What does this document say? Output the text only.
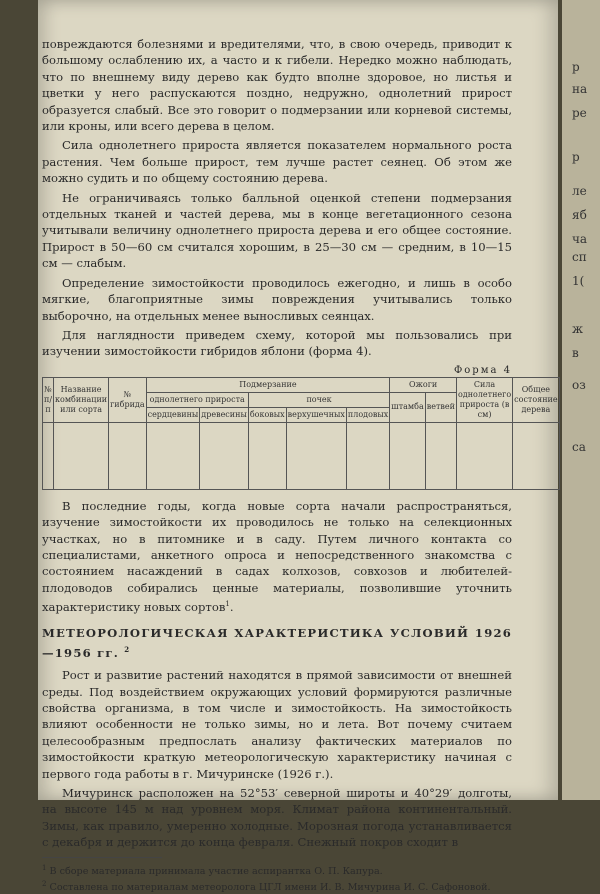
р
на
ре
р
ле
яб
ча
сп
1(
ж
в
оз
са

повреждаются болезнями и вредителями, что, в свою очередь, приводит к большому ослаблению их, а часто и к гибели. Нередко можно наблюдать, что по внешнему виду дерево как будто вполне здоровое, но листья и цветки у него распускаются поздно, недружно, однолетний прирост образуется слабый. Все это говорит о подмерзании или корневой системы, или кроны, или всего дерева в целом.

Сила однолетнего прироста является показателем нормального роста растения. Чем больше прирост, тем лучше растет сеянец. Об этом же можно судить и по общему состоянию дерева.

Не ограничиваясь только балльной оценкой степени подмерзания отдельных тканей и частей дерева, мы в конце вегетационного сезона учитывали величину однолетнего прироста дерева и его общее состояние. Прирост в 50—60 см считался хорошим, в 25—30 см — средним, в 10—15 см — слабым.

Определение зимостойкости проводилось ежегодно, и лишь в особо мягкие, благоприятные зимы повреждения учитывались только выборочно, на отдельных менее выносливых сеянцах.

Для наглядности приведем схему, которой мы пользовались при изучении зимостойкости гибридов яблони (форма 4).

Форма 4
№ п/п	Название комбинации или сорта	№ гибрида	Подмерзание					Ожоги		Сила однолетнего прироста (в см)	Общее состояние дерева
			однолетнего прироста		почек			штамба	ветвей		
			сердцевины	древесины	боковых	верхушечных	плодовых				

В последние годы, когда новые сорта начали распространяться, изучение зимостойкости их проводилось не только на селекционных участках, но в питомнике и в саду. Путем личного контакта со специалистами, анкетного опроса и непосредственного знакомства с состоянием насаждений в садах колхозов, совхозов и любителей-плодоводов собирались ценные материалы, позволившие уточнить характеристику новых сортов$^1$.

МЕТЕОРОЛОГИЧЕСКАЯ ХАРАКТЕРИСТИКА УСЛОВИЙ 1926—1956 гг. $^2$

Рост и развитие растений находятся в прямой зависимости от внешней среды. Под воздействием окружающих условий формируются различные свойства организма, в том числе и зимостойкость. На зимостойкость влияют особенности не только зимы, но и лета. Вот почему считаем целесообразным предпослать анализу фактических материалов по зимостойкости краткую метеорологическую характеристику начиная с первого года работы в г. Мичуринске (1926 г.).

Мичуринск расположен на 52°53′ северной широты и 40°29′ долготы, на высоте 145 м над уровнем моря. Климат района континентальный. Зимы, как правило, умеренно холодные. Морозная погода устанавливается с декабря и держится до конца февраля. Снежный покров сходит в

$^1$ В сборе материала принимала участие аспирантка О. П. Капура.
$^2$ Составлена по материалам метеоролога ЦГЛ имени И. В. Мичурина И. С. Сафоновой.
